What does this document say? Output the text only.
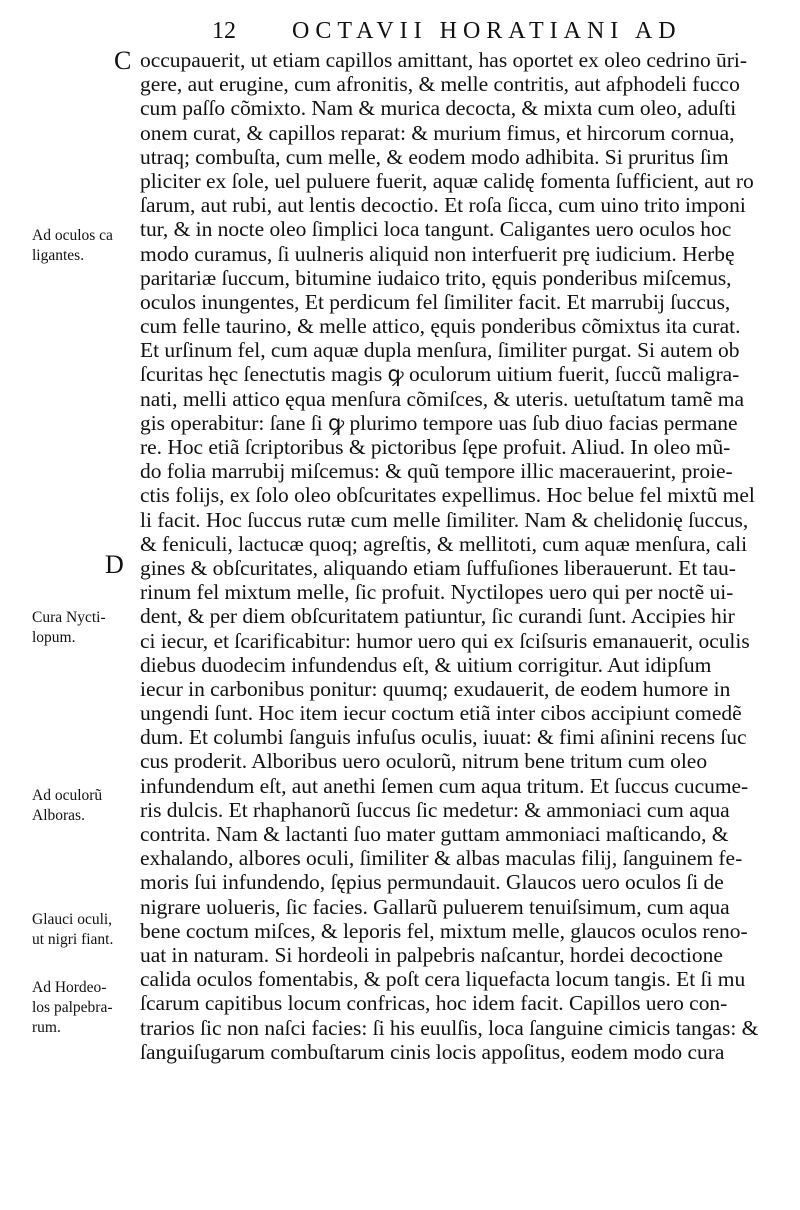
12 OCTAVII HORATIANI AD
C
D
Ad oculos ca
ligantes.
Cura Nycti-
lopum.
Ad oculorũ
Alboras.
Glauci oculi,
ut nigri fiant.
Ad Hordeo-
los palpebra-
rum.
occupauerit, ut etiam capillos amittant, has oportet ex oleo cedrino ūri-
gere, aut erugine, cum afronitis, & melle contritis, aut afphodeli fucco
cum paſſo cõmixto. Nam & murica decocta, & mixta cum oleo, aduſti
onem curat, & capillos reparat: & murium fimus, et hircorum cornua,
utraq; combuſta, cum melle, & eodem modo adhibita. Si pruritus ſim
pliciter ex ſole, uel puluere fuerit, aquæ calidę fomenta ſufficient, aut ro
ſarum, aut rubi, aut lentis decoctio. Et roſa ſicca, cum uino trito imponi
tur, & in nocte oleo ſimplici loca tangunt. Caligantes uero oculos hoc
modo curamus, ſi uulneris aliquid non interfuerit prę iudicium. Herbę
paritariæ ſuccum, bitumine iudaico trito, ęquis ponderibus miſcemus,
oculos inungentes, Et perdicum fel ſimiliter facit. Et marrubij ſuccus,
cum felle taurino, & melle attico, ęquis ponderibus cõmixtus ita curat.
Et urſinum fel, cum aquæ dupla menſura, ſimiliter purgat. Si autem ob
ſcuritas hęc ſenectutis magis ꝙ oculorum uitium fuerit, ſuccũ maligra-
nati, melli attico ęqua menſura cõmiſces, & uteris. uetuſtatum tamẽ ma
gis operabitur: ſane ſi ꝙ plurimo tempore uas ſub diuo facias permane
re. Hoc etiã ſcriptoribus & pictoribus ſępe profuit. Aliud. In oleo mũ-
do folia marrubij miſcemus: & quũ tempore illic macerauerint, proie-
ctis folijs, ex ſolo oleo obſcuritates expellimus. Hoc belue fel mixtũ mel
li facit. Hoc ſuccus rutæ cum melle ſimiliter. Nam & chelidonię ſuccus,
& feniculi, lactucæ quoq; agreſtis, & mellitoti, cum aquæ menſura, cali
gines & obſcuritates, aliquando etiam ſuffuſiones liberauerunt. Et tau-
rinum fel mixtum melle, ſic profuit. Nyctilopes uero qui per noctẽ ui-
dent, & per diem obſcuritatem patiuntur, ſic curandi ſunt. Accipies hir
ci iecur, et ſcarificabitur: humor uero qui ex ſciſsuris emanauerit, oculis
diebus duodecim infundendus eſt, & uitium corrigitur. Aut idipſum
iecur in carbonibus ponitur: quumq; exudauerit, de eodem humore in
ungendi ſunt. Hoc item iecur coctum etiã inter cibos accipiunt comedẽ
dum. Et columbi ſanguis infuſus oculis, iuuat: & fimi aſinini recens ſuc
cus proderit. Alboribus uero oculorũ, nitrum bene tritum cum oleo
infundendum eſt, aut anethi ſemen cum aqua tritum. Et ſuccus cucume-
ris dulcis. Et rhaphanorũ ſuccus ſic medetur: & ammoniaci cum aqua
contrita. Nam & lactanti ſuo mater guttam ammoniaci maſticando, &
exhalando, albores oculi, ſimiliter & albas maculas filij, ſanguinem fe-
moris ſui infundendo, ſępius permundauit. Glaucos uero oculos ſi de
nigrare uolueris, ſic facies. Gallarũ puluerem tenuiſsimum, cum aqua
bene coctum miſces, & leporis fel, mixtum melle, glaucos oculos reno-
uat in naturam. Si hordeoli in palpebris naſcantur, hordei decoctione
calida oculos fomentabis, & poſt cera liquefacta locum tangis. Et ſi mu
ſcarum capitibus locum confricas, hoc idem facit. Capillos uero con-
trarios ſic non naſci facies: ſi his euulſis, loca ſanguine cimicis tangas: &
ſanguiſugarum combuſtarum cinis locis appoſitus, eodem modo cura
